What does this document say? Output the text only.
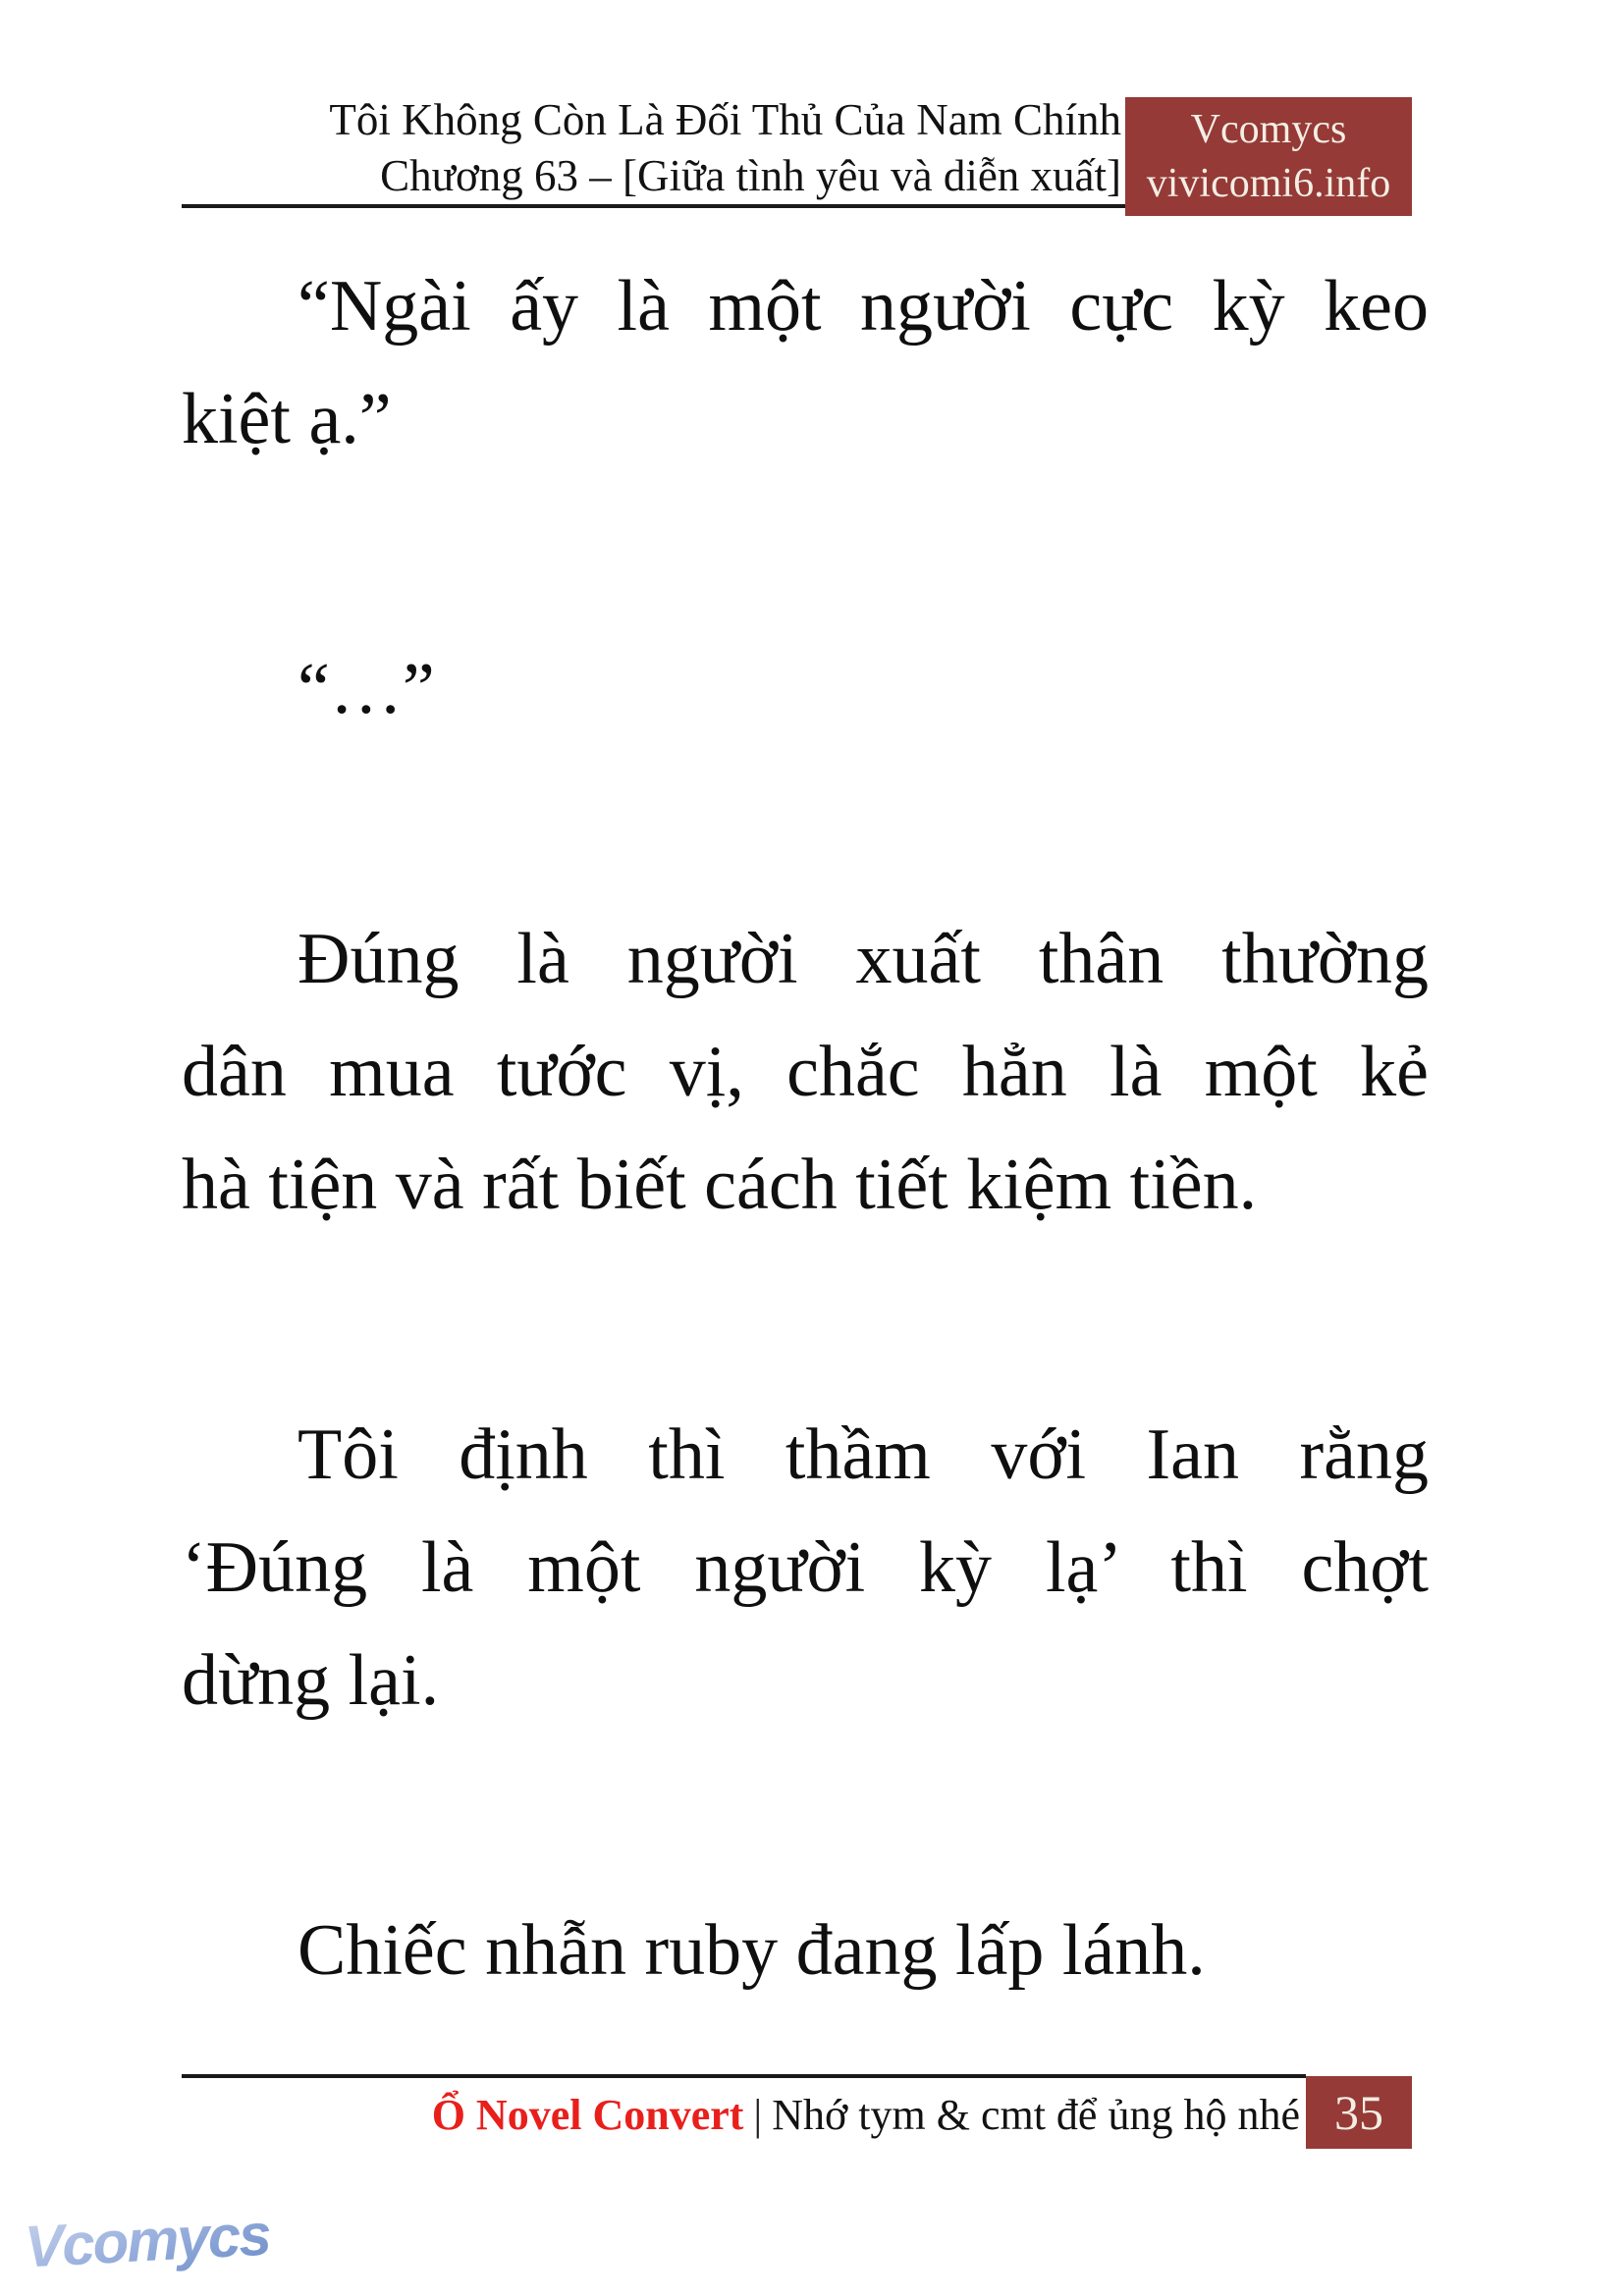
Tôi Không Còn Là Đối Thủ Của Nam Chính
Chương 63 – [Giữa tình yêu và diễn xuất]
Vcomycs
vivicomi6.info
“Ngài ấy là một người cực kỳ keo
kiệt ạ.”
“…”
Đúng là người xuất thân thường
dân mua tước vị, chắc hẳn là một kẻ
hà tiện và rất biết cách tiết kiệm tiền.
Tôi định thì thầm với Ian rằng
‘Đúng là một người kỳ lạ’ thì chợt
dừng lại.
Chiếc nhẫn ruby đang lấp lánh.
Ổ Novel Convert | Nhớ tym & cmt để ủng hộ nhé 35
Vcomycs
